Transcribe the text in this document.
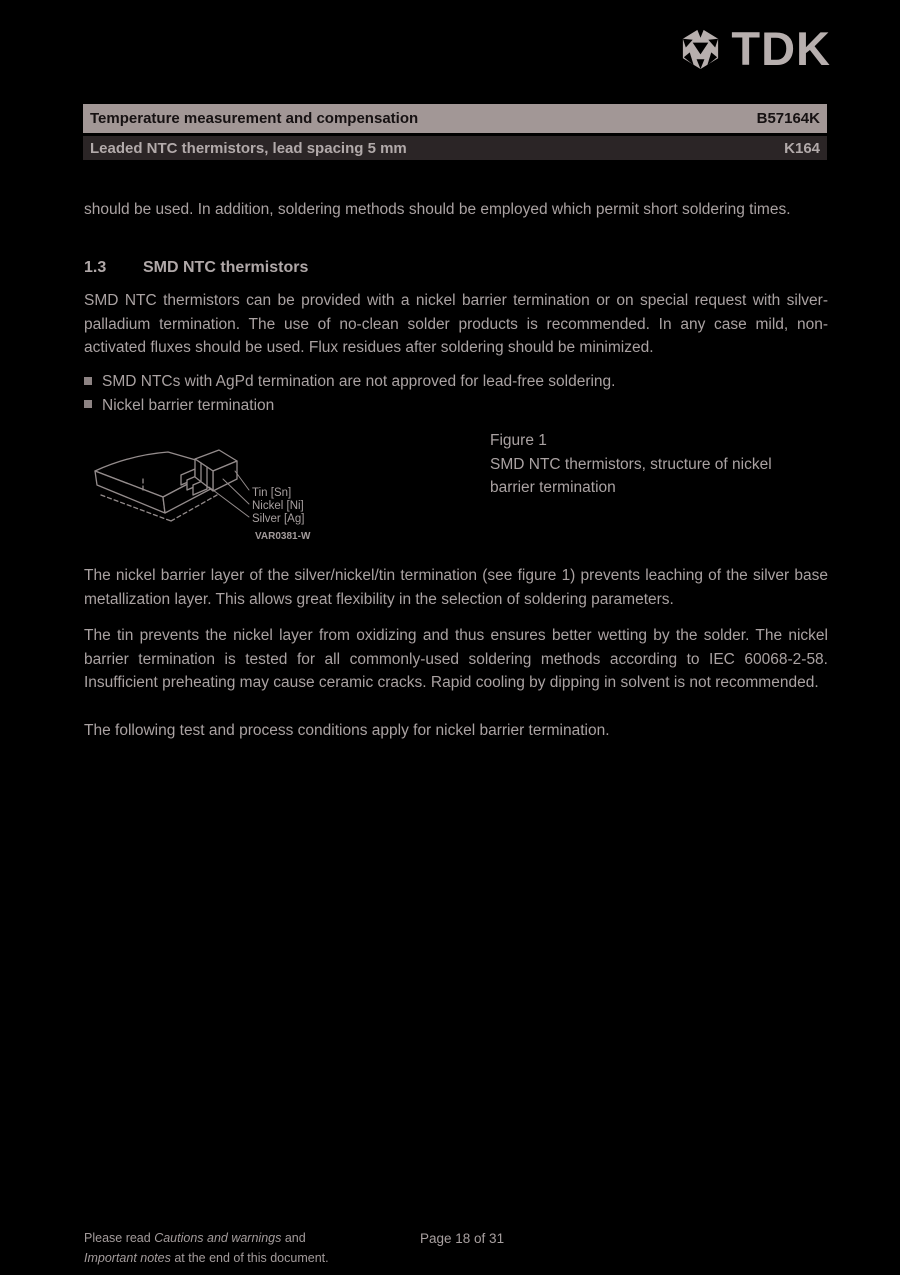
TDK
Temperature measurement and compensation	B57164K
Leaded NTC thermistors, lead spacing 5 mm	K164

should be used. In addition, soldering methods should be employed which permit short soldering times.

1.3 SMD NTC thermistors

SMD NTC thermistors can be provided with a nickel barrier termination or on special request with silver-palladium termination. The use of no-clean solder products is recommended. In any case mild, non-activated fluxes should be used. Flux residues after soldering should be minimized.

SMD NTCs with AgPd termination are not approved for lead-free soldering.
Nickel barrier termination
Tin [Sn]
Nickel [Ni]
Silver [Ag]
VAR0381-W
Figure 1
SMD NTC thermistors, structure of nickel barrier termination

The nickel barrier layer of the silver/nickel/tin termination (see figure 1) prevents leaching of the silver base metallization layer. This allows great flexibility in the selection of soldering parameters.

The tin prevents the nickel layer from oxidizing and thus ensures better wetting by the solder. The nickel barrier termination is tested for all commonly-used soldering methods according to IEC 60068-2-58. Insufficient preheating may cause ceramic cracks. Rapid cooling by dipping in solvent is not recommended.

The following test and process conditions apply for nickel barrier termination.

Please read Cautions and warnings and
Important notes at the end of this document.
Page 18 of 31
